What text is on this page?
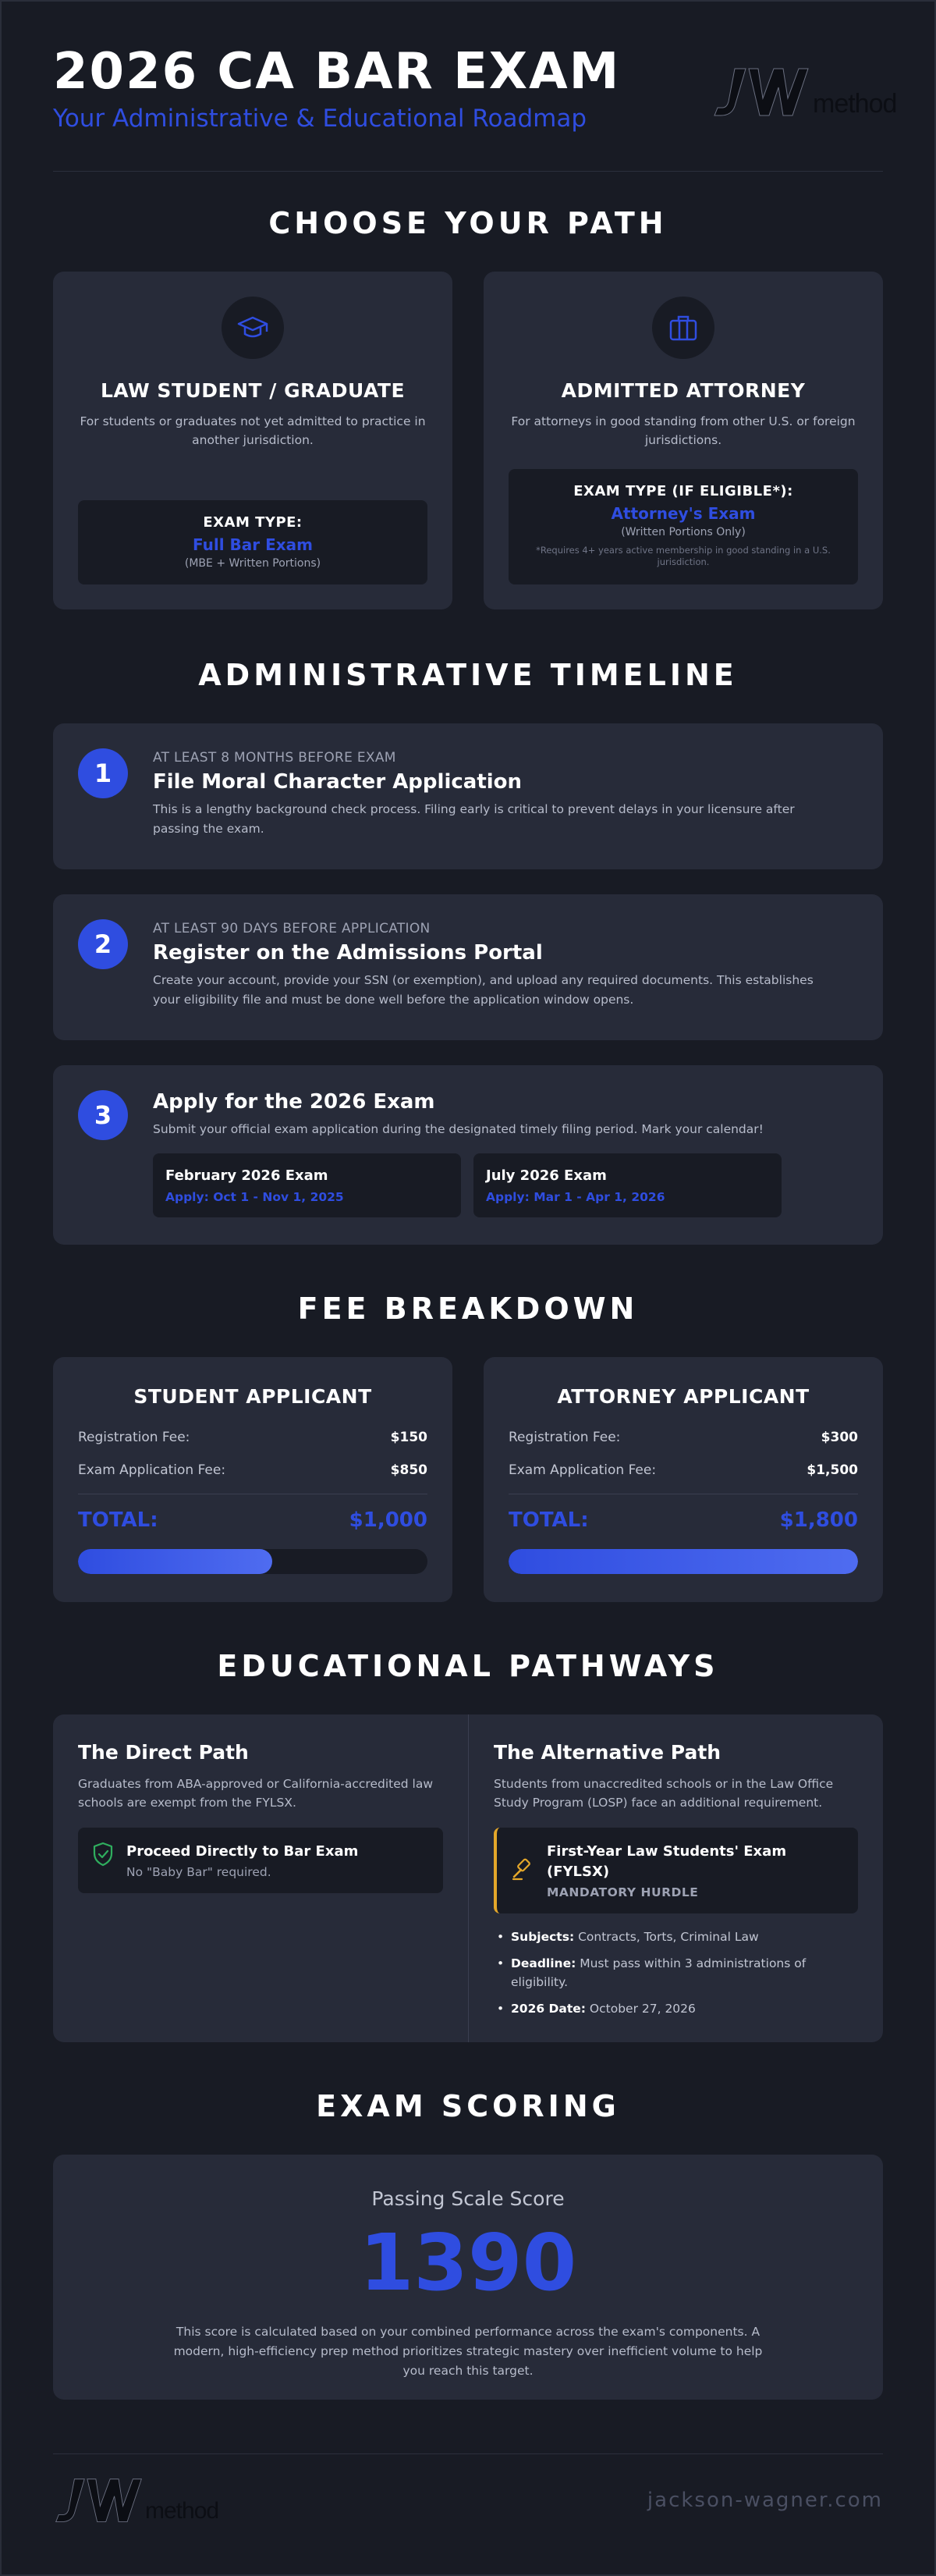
2026 CA BAR EXAM
Your Administrative & Educational Roadmap	method
CHOOSE YOUR PATH
LAW STUDENT / GRADUATE
For students or graduates not yet admitted to practice in another jurisdiction.
EXAM TYPE:
Full Bar Exam
(MBE + Written Portions)
ADMITTED ATTORNEY
For attorneys in good standing from other U.S. or foreign jurisdictions.
EXAM TYPE (IF ELIGIBLE*):
Attorney's Exam
(Written Portions Only)
*Requires 4+ years active membership in good standing in a U.S. jurisdiction.
ADMINISTRATIVE TIMELINE
1
AT LEAST 8 MONTHS BEFORE EXAM
File Moral Character Application
This is a lengthy background check process. Filing early is critical to prevent delays in your licensure after passing the exam.
2
AT LEAST 90 DAYS BEFORE APPLICATION
Register on the Admissions Portal
Create your account, provide your SSN (or exemption), and upload any required documents. This establishes your eligibility file and must be done well before the application window opens.
3	Apply for the 2026 Exam
Submit your official exam application during the designated timely filing period. Mark your calendar!
February 2026 Exam
Apply: Oct 1 - Nov 1, 2025
July 2026 Exam
Apply: Mar 1 - Apr 1, 2026
FEE BREAKDOWN
STUDENT APPLICANT
Registration Fee:	$150
Exam Application Fee:	$850
TOTAL:	$1,000
ATTORNEY APPLICANT
Registration Fee:	$300
Exam Application Fee:	$1,500
TOTAL:	$1,800
EDUCATIONAL PATHWAYS
The Direct Path
Graduates from ABA-approved or California-accredited law schools are exempt from the FYLSX.
Proceed Directly to Bar Exam
No "Baby Bar" required.
The Alternative Path
Students from unaccredited schools or in the Law Office Study Program (LOSP) face an additional requirement.
First-Year Law Students' Exam (FYLSX)
MANDATORY HURDLE
• Subjects: Contracts, Torts, Criminal Law
• Deadline: Must pass within 3 administrations of eligibility.
• 2026 Date: October 27, 2026
EXAM SCORING
Passing Scale Score
1390
This score is calculated based on your combined performance across the exam's components. A modern, high-efficiency prep method prioritizes strategic mastery over inefficient volume to help you reach this target.
method	jackson-wagner.com
